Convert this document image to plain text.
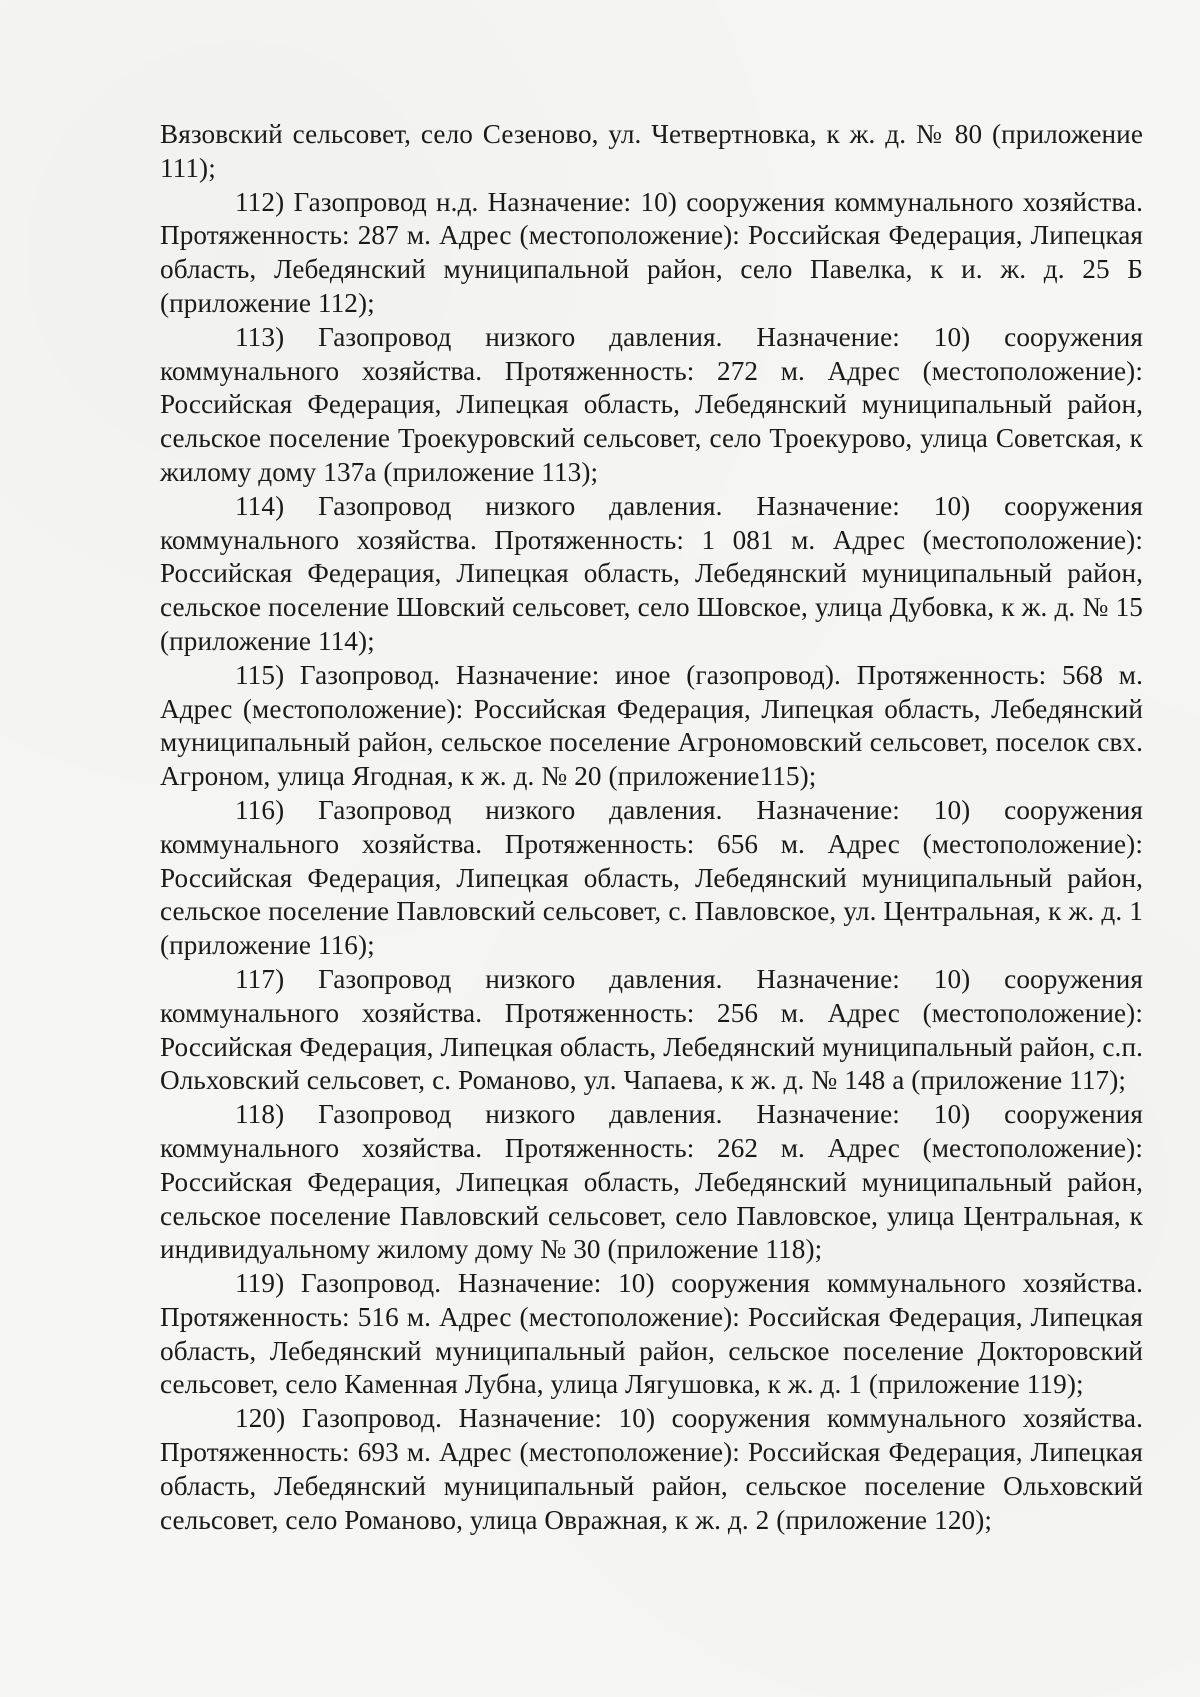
Вязовский сельсовет, село Сезеново, ул. Четвертновка, к ж. д. № 80 (приложение 111);

112) Газопровод н.д. Назначение: 10) сооружения коммунального хозяйства. Протяженность: 287 м. Адрес (местоположение): Российская Федерация, Липецкая область, Лебедянский муниципальной район, село Павелка, к и. ж. д. 25 Б (приложение 112);

113) Газопровод низкого давления. Назначение: 10) сооружения коммунального хозяйства. Протяженность: 272 м. Адрес (местоположение): Российская Федерация, Липецкая область, Лебедянский муниципальный район, сельское поселение Троекуровский сельсовет, село Троекурово, улица Советская, к жилому дому 137а (приложение 113);

114) Газопровод низкого давления. Назначение: 10) сооружения коммунального хозяйства. Протяженность: 1 081 м. Адрес (местоположение): Российская Федерация, Липецкая область, Лебедянский муниципальный район, сельское поселение Шовский сельсовет, село Шовское, улица Дубовка, к ж. д. № 15 (приложение 114);

115) Газопровод. Назначение: иное (газопровод). Протяженность: 568 м. Адрес (местоположение): Российская Федерация, Липецкая область, Лебедянский муниципальный район, сельское поселение Агрономовский сельсовет, поселок свх. Агроном, улица Ягодная, к ж. д. № 20 (приложение115);

116) Газопровод низкого давления. Назначение: 10) сооружения коммунального хозяйства. Протяженность: 656 м. Адрес (местоположение): Российская Федерация, Липецкая область, Лебедянский муниципальный район, сельское поселение Павловский сельсовет, с. Павловское, ул. Центральная, к ж. д. 1 (приложение 116);

117) Газопровод низкого давления. Назначение: 10) сооружения коммунального хозяйства. Протяженность: 256 м. Адрес (местоположение): Российская Федерация, Липецкая область, Лебедянский муниципальный район, с.п. Ольховский сельсовет, с. Романово, ул. Чапаева, к ж. д. № 148 а (приложение 117);

118) Газопровод низкого давления. Назначение: 10) сооружения коммунального хозяйства. Протяженность: 262 м. Адрес (местоположение): Российская Федерация, Липецкая область, Лебедянский муниципальный район, сельское поселение Павловский сельсовет, село Павловское, улица Центральная, к индивидуальному жилому дому № 30 (приложение 118);

119) Газопровод. Назначение: 10) сооружения коммунального хозяйства. Протяженность: 516 м. Адрес (местоположение): Российская Федерация, Липецкая область, Лебедянский муниципальный район, сельское поселение Докторовский сельсовет, село Каменная Лубна, улица Лягушовка, к ж. д. 1 (приложение 119);

120) Газопровод. Назначение: 10) сооружения коммунального хозяйства. Протяженность: 693 м. Адрес (местоположение): Российская Федерация, Липецкая область, Лебедянский муниципальный район, сельское поселение Ольховский сельсовет, село Романово, улица Овражная, к ж. д. 2 (приложение 120);
